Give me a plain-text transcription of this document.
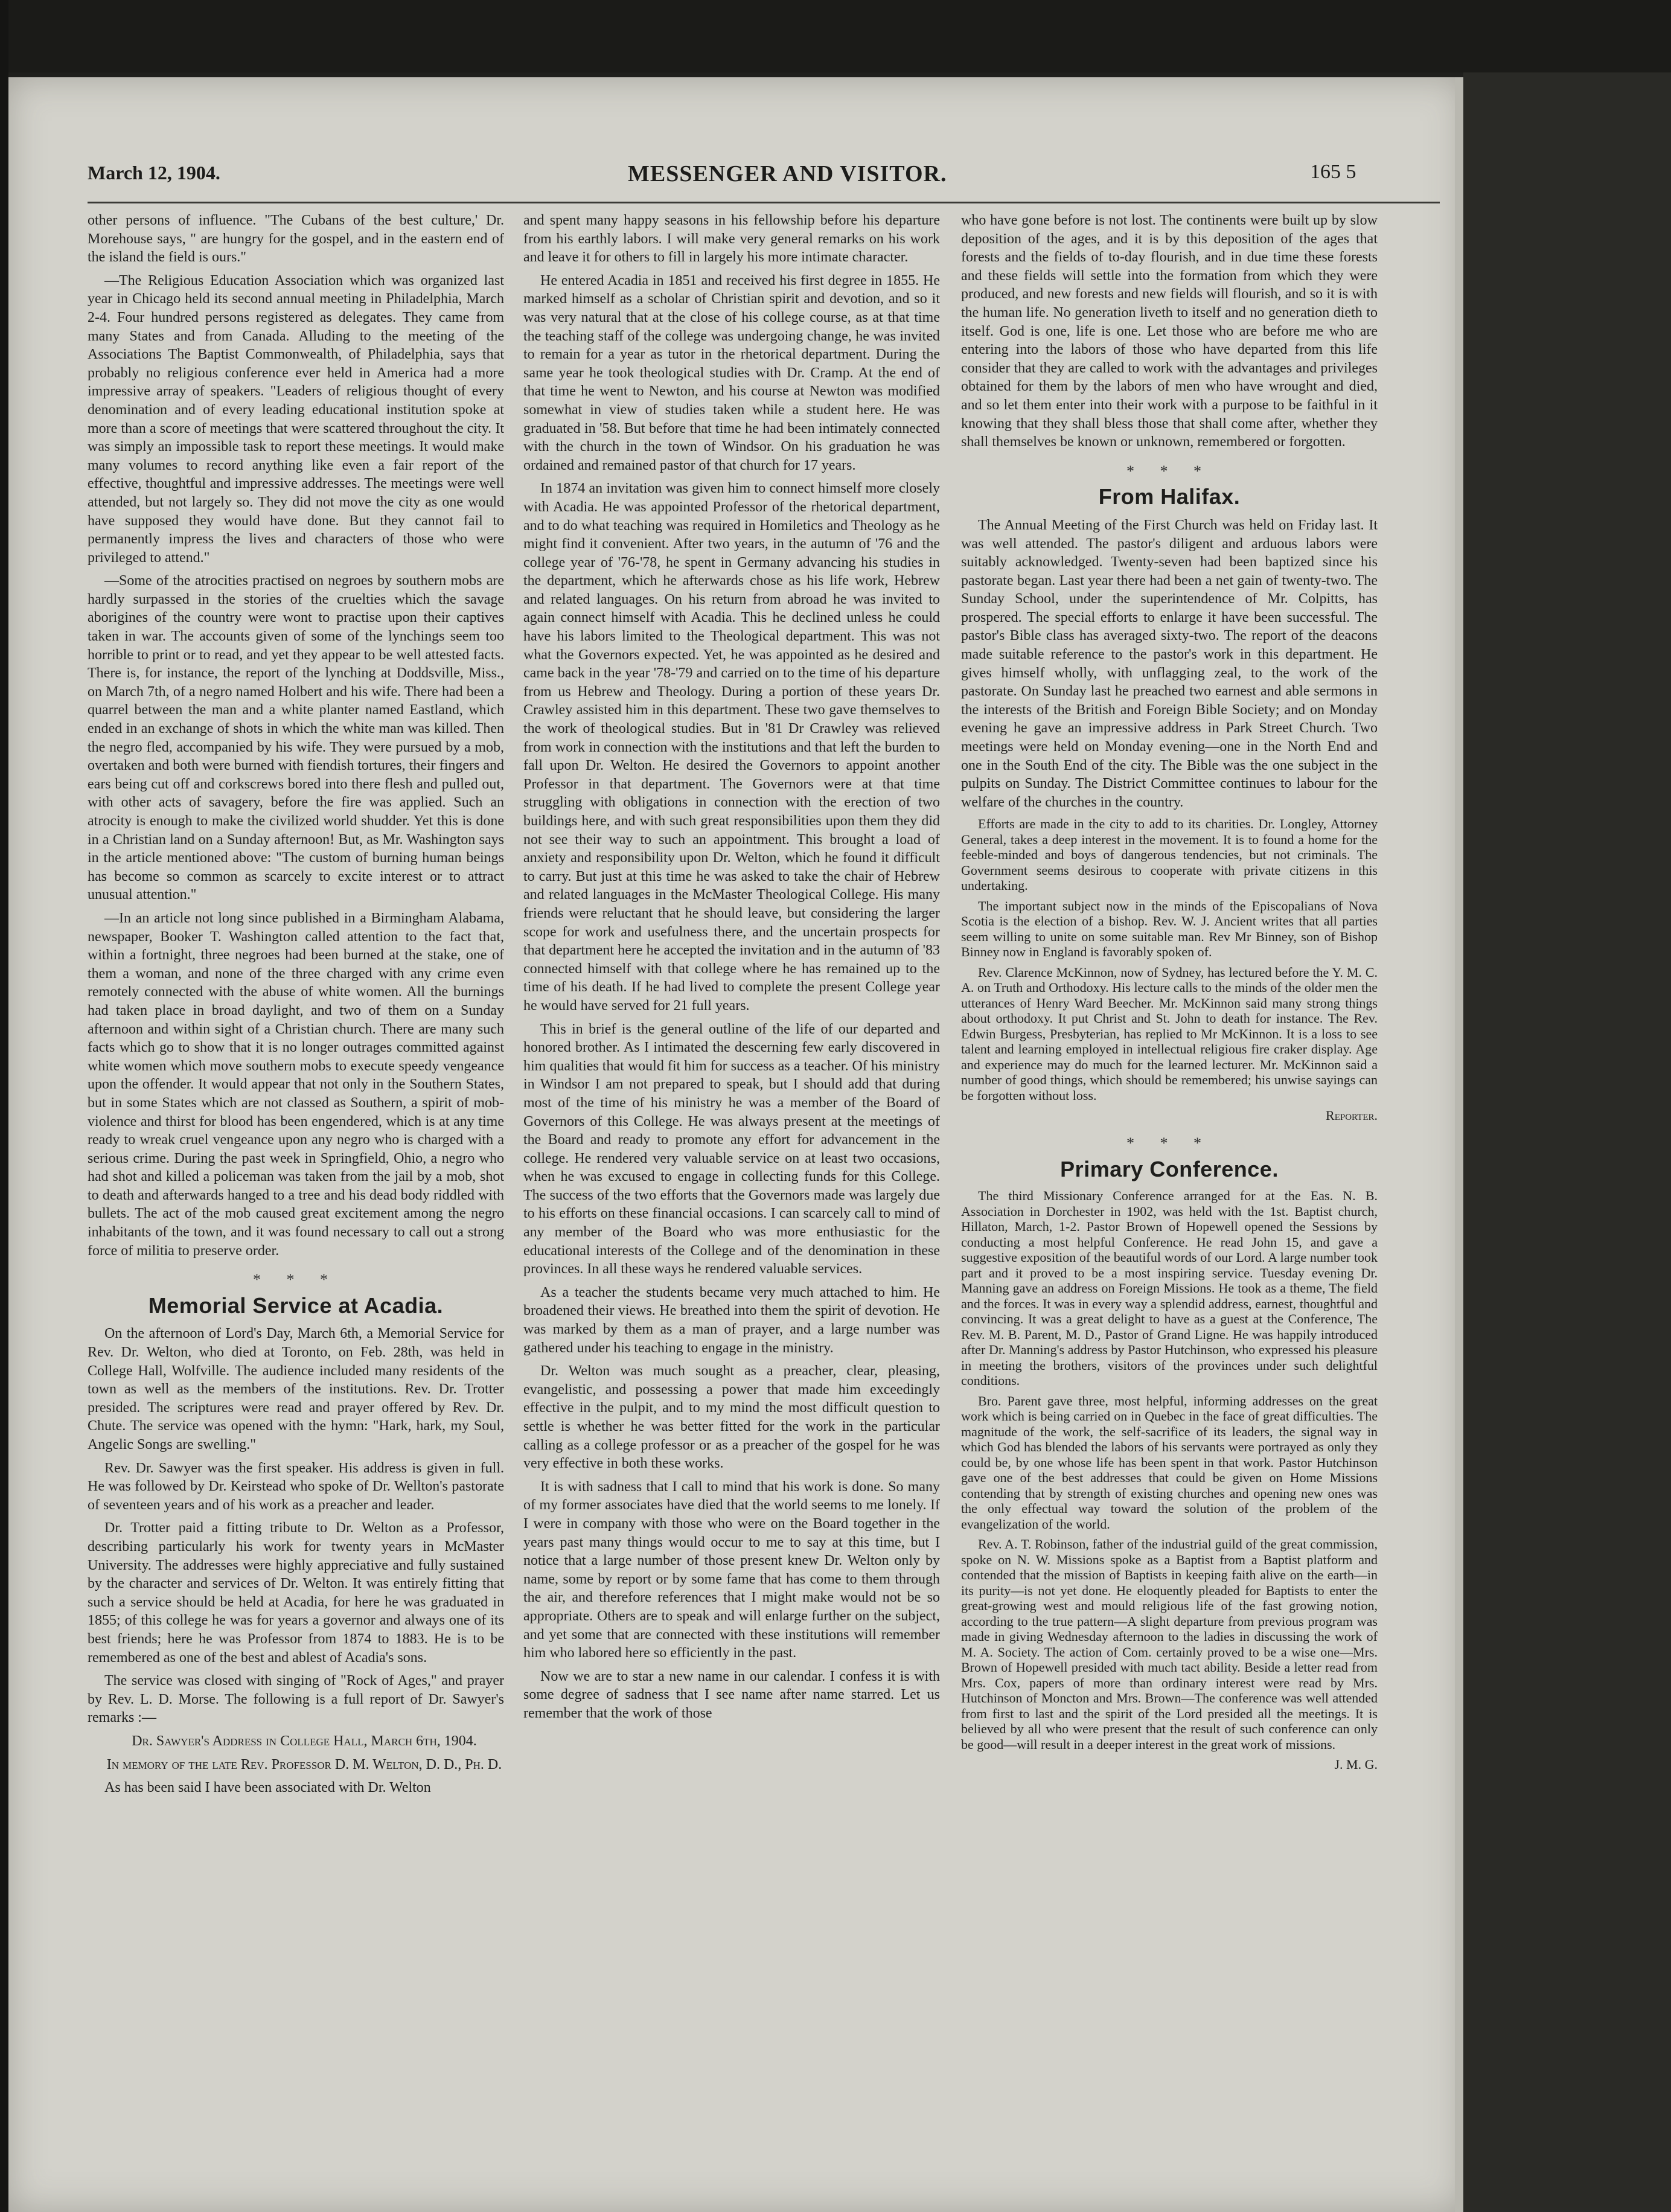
March 12, 1904.	MESSENGER AND VISITOR.	165 5

other persons of influence. "The Cubans of the best culture,' Dr. Morehouse says, " are hungry for the gospel, and in the eastern end of the island the field is ours."

—The Religious Education Association which was organized last year in Chicago held its second annual meeting in Philadelphia, March 2-4. Four hundred persons registered as delegates. They came from many States and from Canada. Alluding to the meeting of the Associations The Baptist Commonwealth, of Philadelphia, says that probably no religious conference ever held in America had a more impressive array of speakers. "Leaders of religious thought of every denomination and of every leading educational institution spoke at more than a score of meetings that were scattered throughout the city. It was simply an impossible task to report these meetings. It would make many volumes to record anything like even a fair report of the effective, thoughtful and impressive addresses. The meetings were well attended, but not largely so. They did not move the city as one would have supposed they would have done. But they cannot fail to permanently impress the lives and characters of those who were privileged to attend."

—Some of the atrocities practised on negroes by southern mobs are hardly surpassed in the stories of the cruelties which the savage aborigines of the country were wont to practise upon their captives taken in war. The accounts given of some of the lynchings seem too horrible to print or to read, and yet they appear to be well attested facts. There is, for instance, the report of the lynching at Doddsville, Miss., on March 7th, of a negro named Holbert and his wife. There had been a quarrel between the man and a white planter named Eastland, which ended in an exchange of shots in which the white man was killed. Then the negro fled, accompanied by his wife. They were pursued by a mob, overtaken and both were burned with fiendish tortures, their fingers and ears being cut off and corkscrews bored into there flesh and pulled out, with other acts of savagery, before the fire was applied. Such an atrocity is enough to make the civilized world shudder. Yet this is done in a Christian land on a Sunday afternoon! But, as Mr. Washington says in the article mentioned above: "The custom of burning human beings has become so common as scarcely to excite interest or to attract unusual attention."

—In an article not long since published in a Birmingham Alabama, newspaper, Booker T. Washington called attention to the fact that, within a fortnight, three negroes had been burned at the stake, one of them a woman, and none of the three charged with any crime even remotely connected with the abuse of white women. All the burnings had taken place in broad daylight, and two of them on a Sunday afternoon and within sight of a Christian church. There are many such facts which go to show that it is no longer outrages committed against white women which move southern mobs to execute speedy vengeance upon the offender. It would appear that not only in the Southern States, but in some States which are not classed as Southern, a spirit of mob-violence and thirst for blood has been engendered, which is at any time ready to wreak cruel vengeance upon any negro who is charged with a serious crime. During the past week in Springfield, Ohio, a negro who had shot and killed a policeman was taken from the jail by a mob, shot to death and afterwards hanged to a tree and his dead body riddled with bullets. The act of the mob caused great excitement among the negro inhabitants of the town, and it was found necessary to call out a strong force of militia to preserve order.

* * *
Memorial Service at Acadia.

On the afternoon of Lord's Day, March 6th, a Memorial Service for Rev. Dr. Welton, who died at Toronto, on Feb. 28th, was held in College Hall, Wolfville. The audience included many residents of the town as well as the members of the institutions. Rev. Dr. Trotter presided. The scriptures were read and prayer offered by Rev. Dr. Chute. The service was opened with the hymn: "Hark, hark, my Soul, Angelic Songs are swelling."

Rev. Dr. Sawyer was the first speaker. His address is given in full. He was followed by Dr. Keirstead who spoke of Dr. Wellton's pastorate of seventeen years and of his work as a preacher and leader.

Dr. Trotter paid a fitting tribute to Dr. Welton as a Professor, describing particularly his work for twenty years in McMaster University. The addresses were highly appreciative and fully sustained by the character and services of Dr. Welton. It was entirely fitting that such a service should be held at Acadia, for here he was graduated in 1855; of this college he was for years a governor and always one of its best friends; here he was Professor from 1874 to 1883. He is to be remembered as one of the best and ablest of Acadia's sons.

The service was closed with singing of "Rock of Ages," and prayer by Rev. L. D. Morse. The following is a full report of Dr. Sawyer's remarks :—

Dr. Sawyer's Address in College Hall, March 6th, 1904.

In memory of the late Rev. Professor D. M. Welton, D. D., Ph. D.

As has been said I have been associated with Dr. Welton

and spent many happy seasons in his fellowship before his departure from his earthly labors. I will make very general remarks on his work and leave it for others to fill in largely his more intimate character.

He entered Acadia in 1851 and received his first degree in 1855. He marked himself as a scholar of Christian spirit and devotion, and so it was very natural that at the close of his college course, as at that time the teaching staff of the college was undergoing change, he was invited to remain for a year as tutor in the rhetorical department. During the same year he took theological studies with Dr. Cramp. At the end of that time he went to Newton, and his course at Newton was modified somewhat in view of studies taken while a student here. He was graduated in '58. But before that time he had been intimately connected with the church in the town of Windsor. On his graduation he was ordained and remained pastor of that church for 17 years.

In 1874 an invitation was given him to connect himself more closely with Acadia. He was appointed Professor of the rhetorical department, and to do what teaching was required in Homiletics and Theology as he might find it convenient. After two years, in the autumn of '76 and the college year of '76-'78, he spent in Germany advancing his studies in the department, which he afterwards chose as his life work, Hebrew and related languages. On his return from abroad he was invited to again connect himself with Acadia. This he declined unless he could have his labors limited to the Theological department. This was not what the Governors expected. Yet, he was appointed as he desired and came back in the year '78-'79 and carried on to the time of his departure from us Hebrew and Theology. During a portion of these years Dr. Crawley assisted him in this department. These two gave themselves to the work of theological studies. But in '81 Dr Crawley was relieved from work in connection with the institutions and that left the burden to fall upon Dr. Welton. He desired the Governors to appoint another Professor in that department. The Governors were at that time struggling with obligations in connection with the erection of two buildings here, and with such great responsibilities upon them they did not see their way to such an appointment. This brought a load of anxiety and responsibility upon Dr. Welton, which he found it difficult to carry. But just at this time he was asked to take the chair of Hebrew and related languages in the McMaster Theological College. His many friends were reluctant that he should leave, but considering the larger scope for work and usefulness there, and the uncertain prospects for that department here he accepted the invitation and in the autumn of '83 connected himself with that college where he has remained up to the time of his death. If he had lived to complete the present College year he would have served for 21 full years.

This in brief is the general outline of the life of our departed and honored brother. As I intimated the descerning few early discovered in him qualities that would fit him for success as a teacher. Of his ministry in Windsor I am not prepared to speak, but I should add that during most of the time of his ministry he was a member of the Board of Governors of this College. He was always present at the meetings of the Board and ready to promote any effort for advancement in the college. He rendered very valuable service on at least two occasions, when he was excused to engage in collecting funds for this College. The success of the two efforts that the Governors made was largely due to his efforts on these financial occasions. I can scarcely call to mind of any member of the Board who was more enthusiastic for the educational interests of the College and of the denomination in these provinces. In all these ways he rendered valuable services.

As a teacher the students became very much attached to him. He broadened their views. He breathed into them the spirit of devotion. He was marked by them as a man of prayer, and a large number was gathered under his teaching to engage in the ministry.

Dr. Welton was much sought as a preacher, clear, pleasing, evangelistic, and possessing a power that made him exceedingly effective in the pulpit, and to my mind the most difficult question to settle is whether he was better fitted for the work in the particular calling as a college professor or as a preacher of the gospel for he was very effective in both these works.

It is with sadness that I call to mind that his work is done. So many of my former associates have died that the world seems to me lonely. If I were in company with those who were on the Board together in the years past many things would occur to me to say at this time, but I notice that a large number of those present knew Dr. Welton only by name, some by report or by some fame that has come to them through the air, and therefore references that I might make would not be so appropriate. Others are to speak and will enlarge further on the subject, and yet some that are connected with these institutions will remember him who labored here so efficiently in the past.

Now we are to star a new name in our calendar. I confess it is with some degree of sadness that I see name after name starred. Let us remember that the work of those

who have gone before is not lost. The continents were built up by slow deposition of the ages, and it is by this deposition of the ages that forests and the fields of to-day flourish, and in due time these forests and these fields will settle into the formation from which they were produced, and new forests and new fields will flourish, and so it is with the human life. No generation liveth to itself and no generation dieth to itself. God is one, life is one. Let those who are before me who are entering into the labors of those who have departed from this life consider that they are called to work with the advantages and privileges obtained for them by the labors of men who have wrought and died, and so let them enter into their work with a purpose to be faithful in it knowing that they shall bless those that shall come after, whether they shall themselves be known or unknown, remembered or forgotten.

* * *
From Halifax.

The Annual Meeting of the First Church was held on Friday last. It was well attended. The pastor's diligent and arduous labors were suitably acknowledged. Twenty-seven had been baptized since his pastorate began. Last year there had been a net gain of twenty-two. The Sunday School, under the superintendence of Mr. Colpitts, has prospered. The special efforts to enlarge it have been successful. The pastor's Bible class has averaged sixty-two. The report of the deacons made suitable reference to the pastor's work in this department. He gives himself wholly, with unflagging zeal, to the work of the pastorate. On Sunday last he preached two earnest and able sermons in the interests of the British and Foreign Bible Society; and on Monday evening he gave an impressive address in Park Street Church. Two meetings were held on Monday evening—one in the North End and one in the South End of the city. The Bible was the one subject in the pulpits on Sunday. The District Committee continues to labour for the welfare of the churches in the country.

Efforts are made in the city to add to its charities. Dr. Longley, Attorney General, takes a deep interest in the movement. It is to found a home for the feeble-minded and boys of dangerous tendencies, but not criminals. The Government seems desirous to cooperate with private citizens in this undertaking.

The important subject now in the minds of the Episcopalians of Nova Scotia is the election of a bishop. Rev. W. J. Ancient writes that all parties seem willing to unite on some suitable man. Rev Mr Binney, son of Bishop Binney now in England is favorably spoken of.

Rev. Clarence McKinnon, now of Sydney, has lectured before the Y. M. C. A. on Truth and Orthodoxy. His lecture calls to the minds of the older men the utterances of Henry Ward Beecher. Mr. McKinnon said many strong things about orthodoxy. It put Christ and St. John to death for instance. The Rev. Edwin Burgess, Presbyterian, has replied to Mr McKinnon. It is a loss to see talent and learning employed in intellectual religious fire craker display. Age and experience may do much for the learned lecturer. Mr. McKinnon said a number of good things, which should be remembered; his unwise sayings can be forgotten without loss.

Reporter.

* * *
Primary Conference.

The third Missionary Conference arranged for at the Eas. N. B. Association in Dorchester in 1902, was held with the 1st. Baptist church, Hillaton, March, 1-2. Pastor Brown of Hopewell opened the Sessions by conducting a most helpful Conference. He read John 15, and gave a suggestive exposition of the beautiful words of our Lord. A large number took part and it proved to be a most inspiring service. Tuesday evening Dr. Manning gave an address on Foreign Missions. He took as a theme, The field and the forces. It was in every way a splendid address, earnest, thoughtful and convincing. It was a great delight to have as a guest at the Conference, The Rev. M. B. Parent, M. D., Pastor of Grand Ligne. He was happily introduced after Dr. Manning's address by Pastor Hutchinson, who expressed his pleasure in meeting the brothers, visitors of the provinces under such delightful conditions.

Bro. Parent gave three, most helpful, informing addresses on the great work which is being carried on in Quebec in the face of great difficulties. The magnitude of the work, the self-sacrifice of its leaders, the signal way in which God has blended the labors of his servants were portrayed as only they could be, by one whose life has been spent in that work. Pastor Hutchinson gave one of the best addresses that could be given on Home Missions contending that by strength of existing churches and opening new ones was the only effectual way toward the solution of the problem of the evangelization of the world.

Rev. A. T. Robinson, father of the industrial guild of the great commission, spoke on N. W. Missions spoke as a Baptist from a Baptist platform and contended that the mission of Baptists in keeping faith alive on the earth—in its purity—is not yet done. He eloquently pleaded for Baptists to enter the great-growing west and mould religious life of the fast growing notion, according to the true pattern—A slight departure from previous program was made in giving Wednesday afternoon to the ladies in discussing the work of M. A. Society. The action of Com. certainly proved to be a wise one—Mrs. Brown of Hopewell presided with much tact ability. Beside a letter read from Mrs. Cox, papers of more than ordinary interest were read by Mrs. Hutchinson of Moncton and Mrs. Brown—The conference was well attended from first to last and the spirit of the Lord presided all the meetings. It is believed by all who were present that the result of such conference can only be good—will result in a deeper interest in the great work of missions.

J. M. G.
